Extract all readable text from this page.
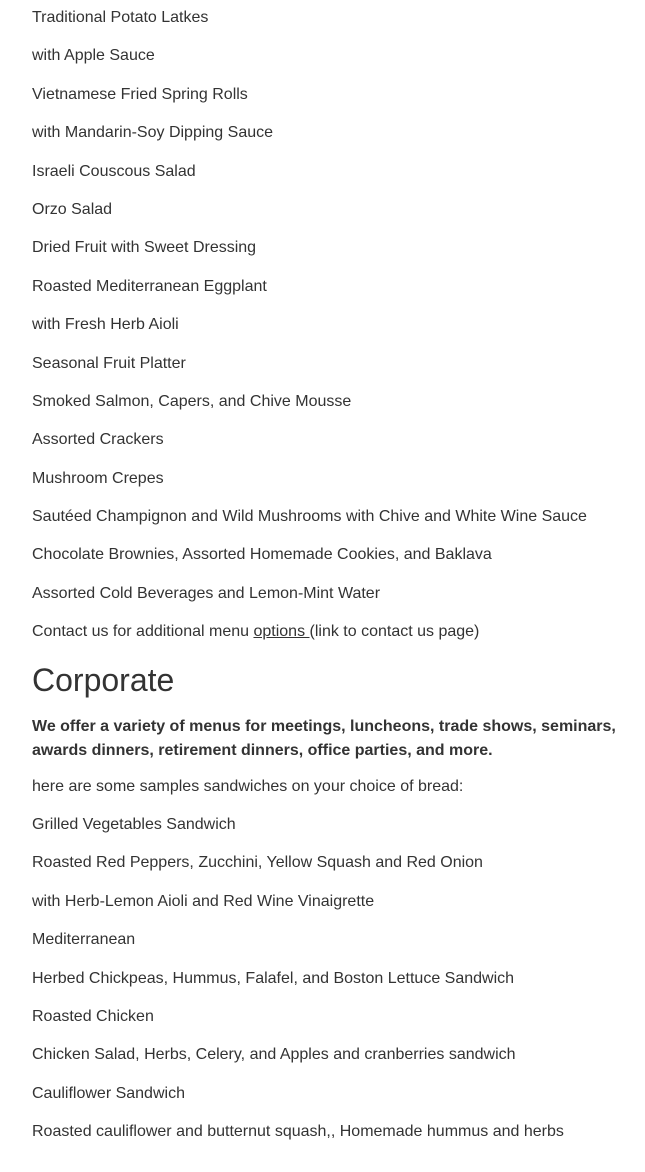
Traditional Potato Latkes

with Apple Sauce

Vietnamese Fried Spring Rolls

with Mandarin-Soy Dipping Sauce

Israeli Couscous Salad

Orzo Salad

Dried Fruit with Sweet Dressing

Roasted Mediterranean Eggplant

with Fresh Herb Aioli

Seasonal Fruit Platter

Smoked Salmon, Capers, and Chive Mousse

Assorted Crackers

Mushroom Crepes

Sautéed Champignon and Wild Mushrooms with Chive and White Wine Sauce

Chocolate Brownies, Assorted Homemade Cookies, and Baklava

Assorted Cold Beverages and Lemon-Mint Water

Contact us for additional menu options (link to contact us page)

Corporate

We offer a variety of menus for meetings, luncheons, trade shows, seminars, awards dinners, retirement dinners, office parties, and more.

here are some samples sandwiches on your choice of bread:

Grilled Vegetables Sandwich

Roasted Red Peppers, Zucchini, Yellow Squash and Red Onion

with Herb-Lemon Aioli and Red Wine Vinaigrette

Mediterranean

Herbed Chickpeas, Hummus, Falafel, and Boston Lettuce Sandwich

Roasted Chicken

Chicken Salad, Herbs, Celery, and Apples and cranberries sandwich

Cauliflower Sandwich

Roasted cauliflower and butternut squash,, Homemade hummus and herbs
